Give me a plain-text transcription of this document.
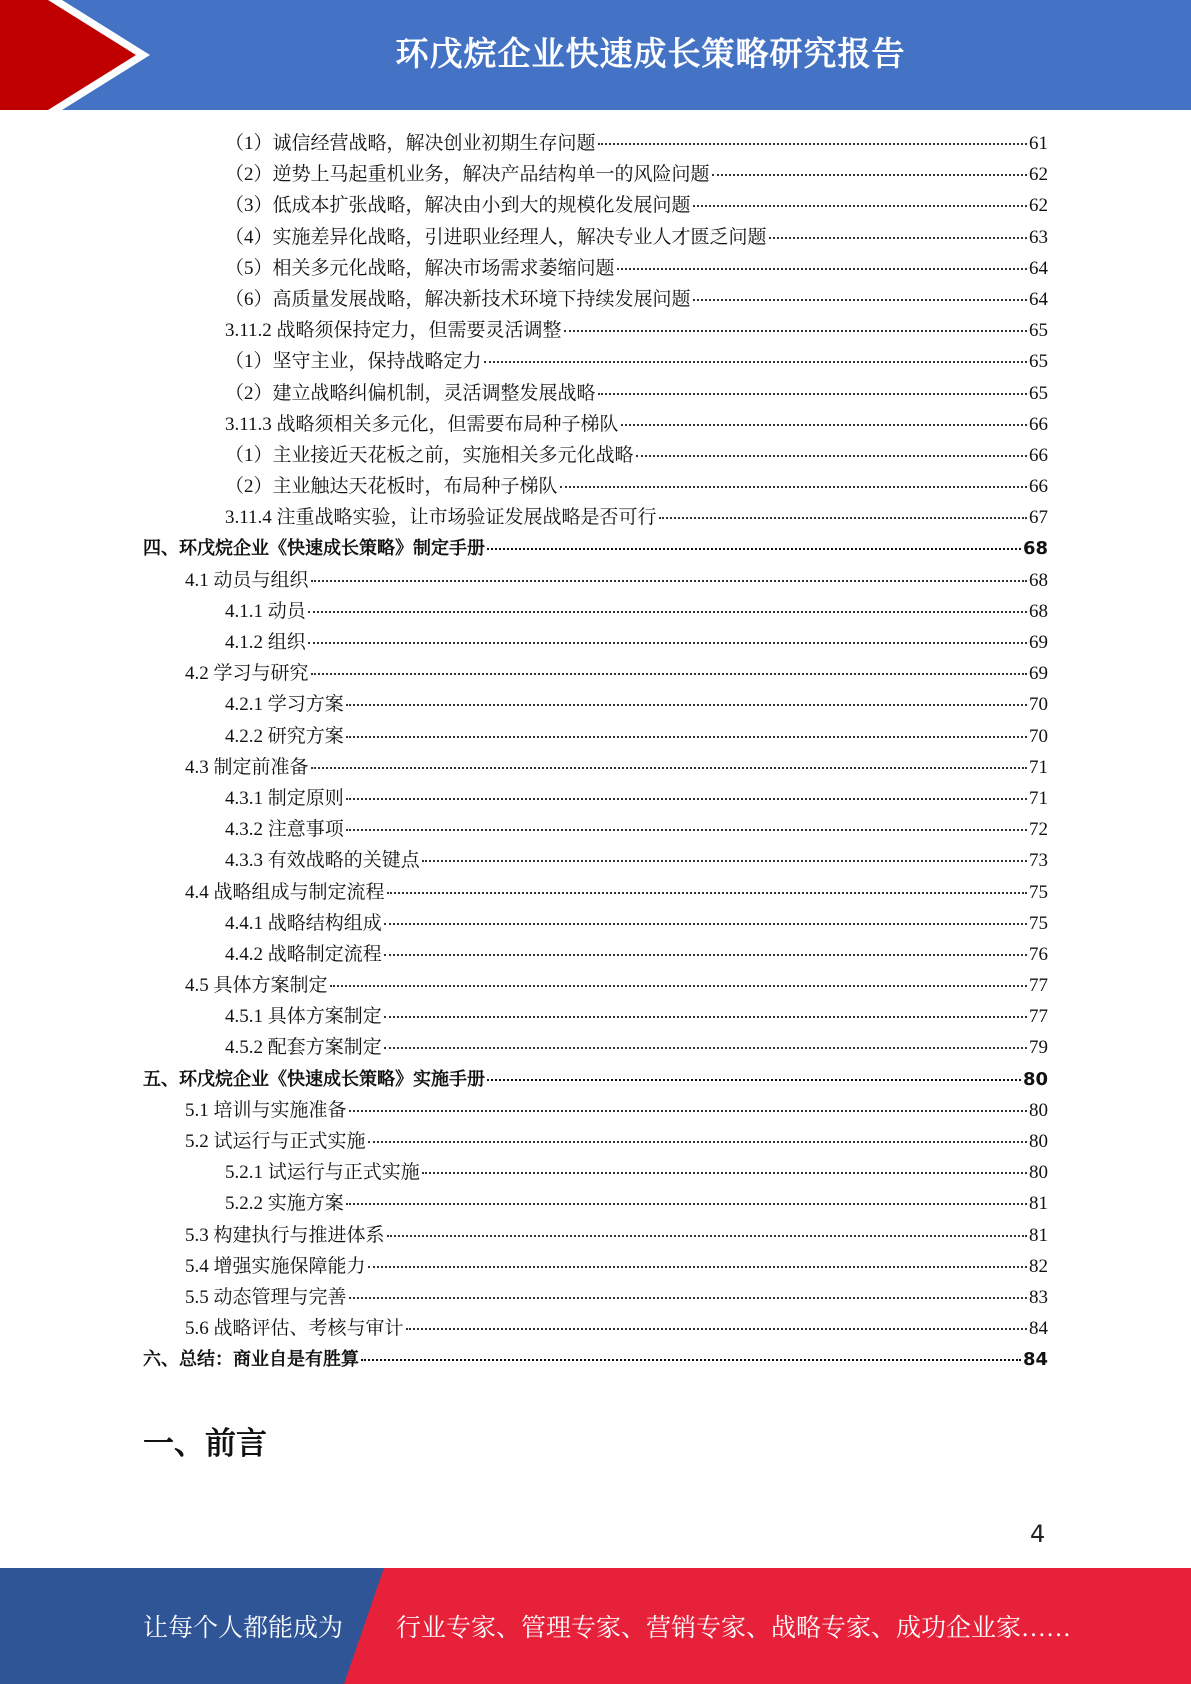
环戊烷企业快速成长策略研究报告
（1）诚信经营战略，解决创业初期生存问题	61
（2）逆势上马起重机业务，解决产品结构单一的风险问题	62
（3）低成本扩张战略，解决由小到大的规模化发展问题	62
（4）实施差异化战略，引进职业经理人，解决专业人才匮乏问题	63
（5）相关多元化战略，解决市场需求萎缩问题	64
（6）高质量发展战略，解决新技术环境下持续发展问题	64
3.11.2 战略须保持定力，但需要灵活调整	65
（1）坚守主业，保持战略定力	65
（2）建立战略纠偏机制，灵活调整发展战略	65
3.11.3 战略须相关多元化，但需要布局种子梯队	66
（1）主业接近天花板之前，实施相关多元化战略	66
（2）主业触达天花板时，布局种子梯队	66
3.11.4 注重战略实验，让市场验证发展战略是否可行	67
四、环戊烷企业《快速成长策略》制定手册	68
4.1 动员与组织	68
4.1.1 动员	68
4.1.2 组织	69
4.2 学习与研究	69
4.2.1 学习方案	70
4.2.2 研究方案	70
4.3 制定前准备	71
4.3.1 制定原则	71
4.3.2 注意事项	72
4.3.3 有效战略的关键点	73
4.4 战略组成与制定流程	75
4.4.1 战略结构组成	75
4.4.2 战略制定流程	76
4.5 具体方案制定	77
4.5.1 具体方案制定	77
4.5.2 配套方案制定	79
五、环戊烷企业《快速成长策略》实施手册	80
5.1 培训与实施准备	80
5.2 试运行与正式实施	80
5.2.1 试运行与正式实施	80
5.2.2 实施方案	81
5.3 构建执行与推进体系	81
5.4 增强实施保障能力	82
5.5 动态管理与完善	83
5.6 战略评估、考核与审计	84
六、总结：商业自是有胜算	84
一、前言
4
让每个人都能成为 行业专家、管理专家、营销专家、战略专家、成功企业家……
